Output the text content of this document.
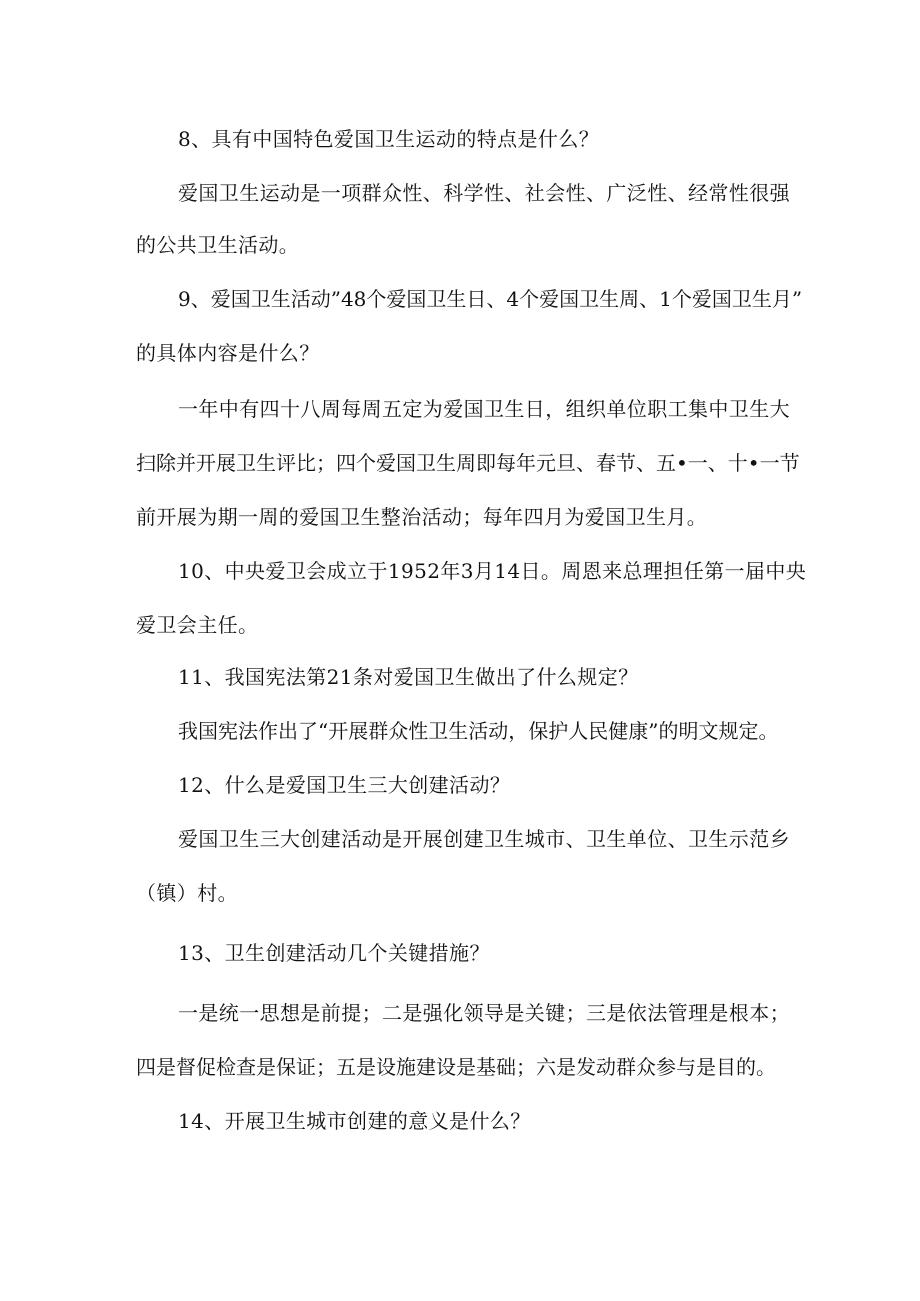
8、具有中国特色爱国卫生运动的特点是什么？
爱国卫生运动是一项群众性、科学性、社会性、广泛性、经常性很强
的公共卫生活动。
9、爱国卫生活动”48个爱国卫生日、4个爱国卫生周、1个爱国卫生月”
的具体内容是什么？
一年中有四十八周每周五定为爱国卫生日，组织单位职工集中卫生大
扫除并开展卫生评比；四个爱国卫生周即每年元旦、春节、五•一、十•一节
前开展为期一周的爱国卫生整治活动；每年四月为爱国卫生月。
10、中央爱卫会成立于1952年3月14日。周恩来总理担任第一届中央
爱卫会主任。
11、我国宪法第21条对爱国卫生做出了什么规定？
我国宪法作出了“开展群众性卫生活动，保护人民健康”的明文规定。
12、什么是爱国卫生三大创建活动？
爱国卫生三大创建活动是开展创建卫生城市、卫生单位、卫生示范乡
（镇）村。
13、卫生创建活动几个关键措施？
一是统一思想是前提；二是强化领导是关键；三是依法管理是根本；
四是督促检查是保证；五是设施建设是基础；六是发动群众参与是目的。
14、开展卫生城市创建的意义是什么？
